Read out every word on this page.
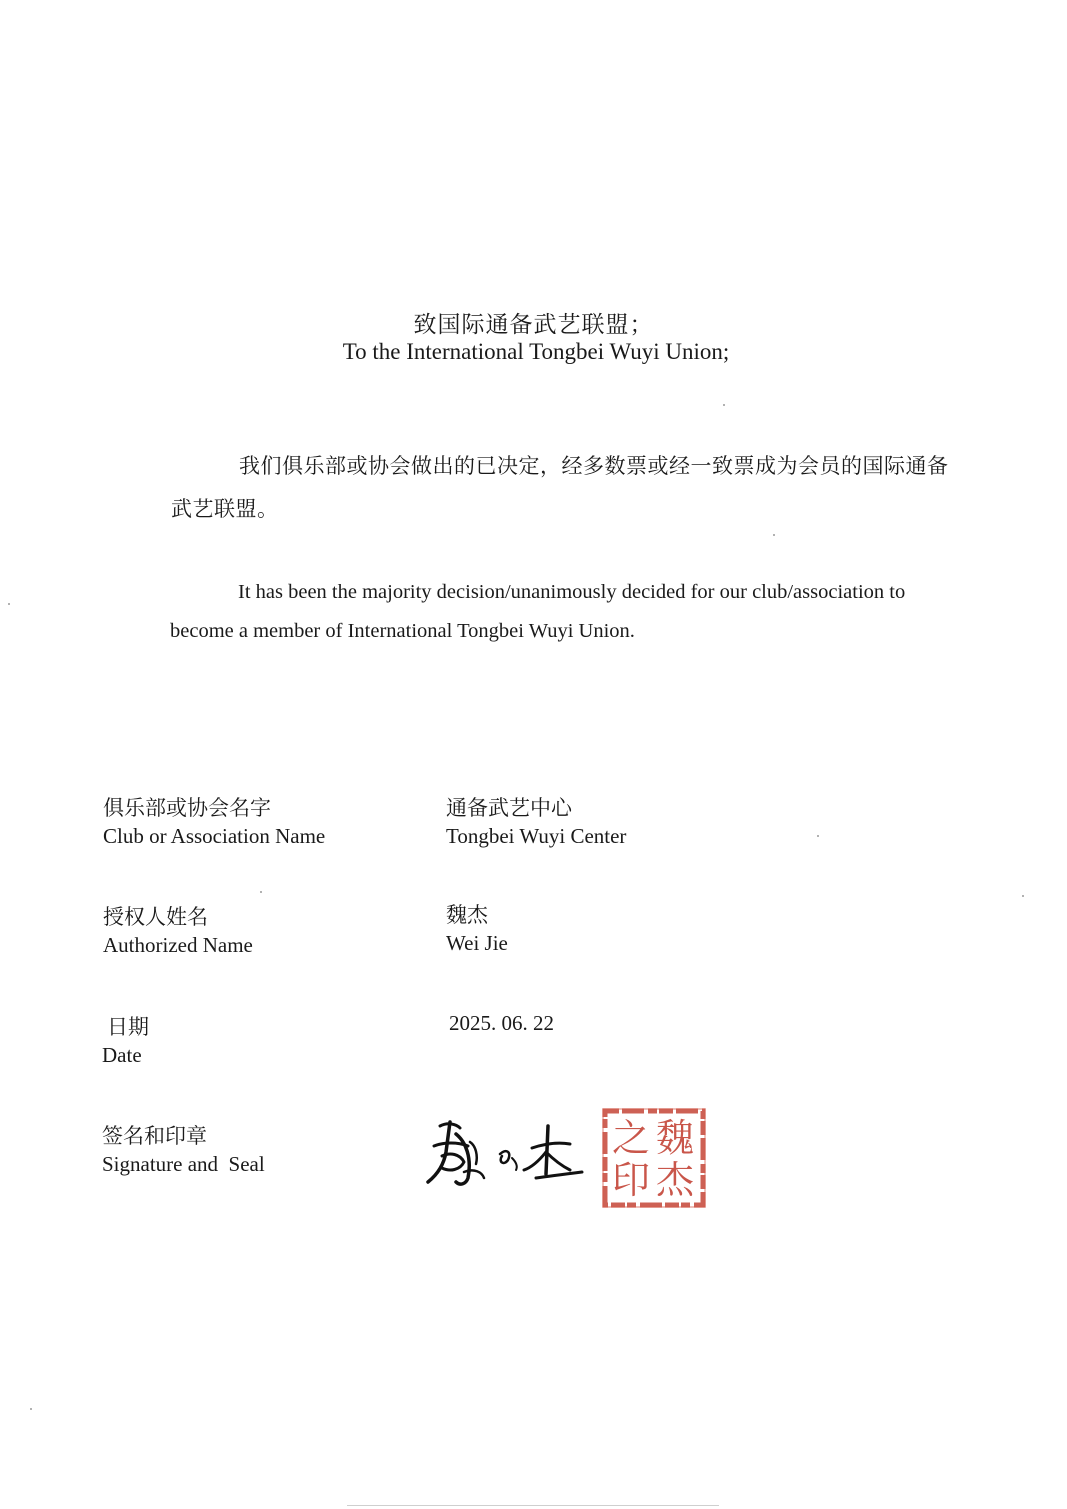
致国际通备武艺联盟；
To the International Tongbei Wuyi Union;
我们俱乐部或协会做出的已决定，经多数票或经一致票成为会员的国际通备武艺联盟。
It has been the majority decision/unanimously decided for our club/association to become a member of International Tongbei Wuyi Union.
俱乐部或协会名字
Club or Association Name
通备武艺中心
Tongbei Wuyi Center
授权人姓名
Authorized Name
魏杰
Wei Jie
日期
Date
2025. 06. 22
签名和印章
Signature and  Seal
魏
杰
之
印
